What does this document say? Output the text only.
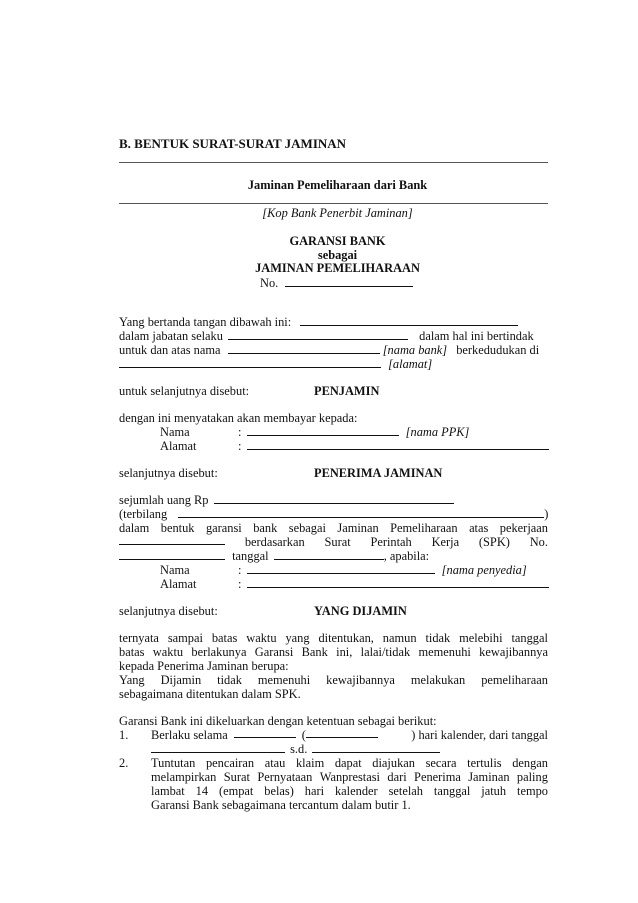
B. BENTUK SURAT-SURAT JAMINAN
Jaminan Pemeliharaan dari Bank
[Kop Bank Penerbit Jaminan]
GARANSI BANK
sebagai
JAMINAN PEMELIHARAAN
No.
Yang bertanda tangan dibawah ini:
dalam jabatan selaku	dalam hal ini bertindak
untuk dan atas nama	[nama bank] berkedudukan di
[alamat]
untuk selanjutnya disebut:	PENJAMIN
dengan ini menyatakan akan membayar kepada:
Nama	:	[nama PPK]
Alamat	:
selanjutnya disebut:	PENERIMA JAMINAN
sejumlah uang Rp
(terbilang	)
dalam bentuk garansi bank sebagai Jaminan Pemeliharaan atas pekerjaan
berdasarkan Surat Perintah Kerja (SPK) No.
tanggal	, apabila:
Nama	:	[nama penyedia]
Alamat	:
selanjutnya disebut:	YANG DIJAMIN
ternyata sampai batas waktu yang ditentukan, namun tidak melebihi tanggal
batas waktu berlakunya Garansi Bank ini, lalai/tidak memenuhi kewajibannya
kepada Penerima Jaminan berupa:
Yang Dijamin tidak memenuhi kewajibannya melakukan pemeliharaan
sebagaimana ditentukan dalam SPK.
Garansi Bank ini dikeluarkan dengan ketentuan sebagai berikut:
1. Berlaku selama	(	) hari kalender, dari tanggal
s.d.
2. Tuntutan pencairan atau klaim dapat diajukan secara tertulis dengan
melampirkan Surat Pernyataan Wanprestasi dari Penerima Jaminan paling
lambat 14 (empat belas) hari kalender setelah tanggal jatuh tempo
Garansi Bank sebagaimana tercantum dalam butir 1.
